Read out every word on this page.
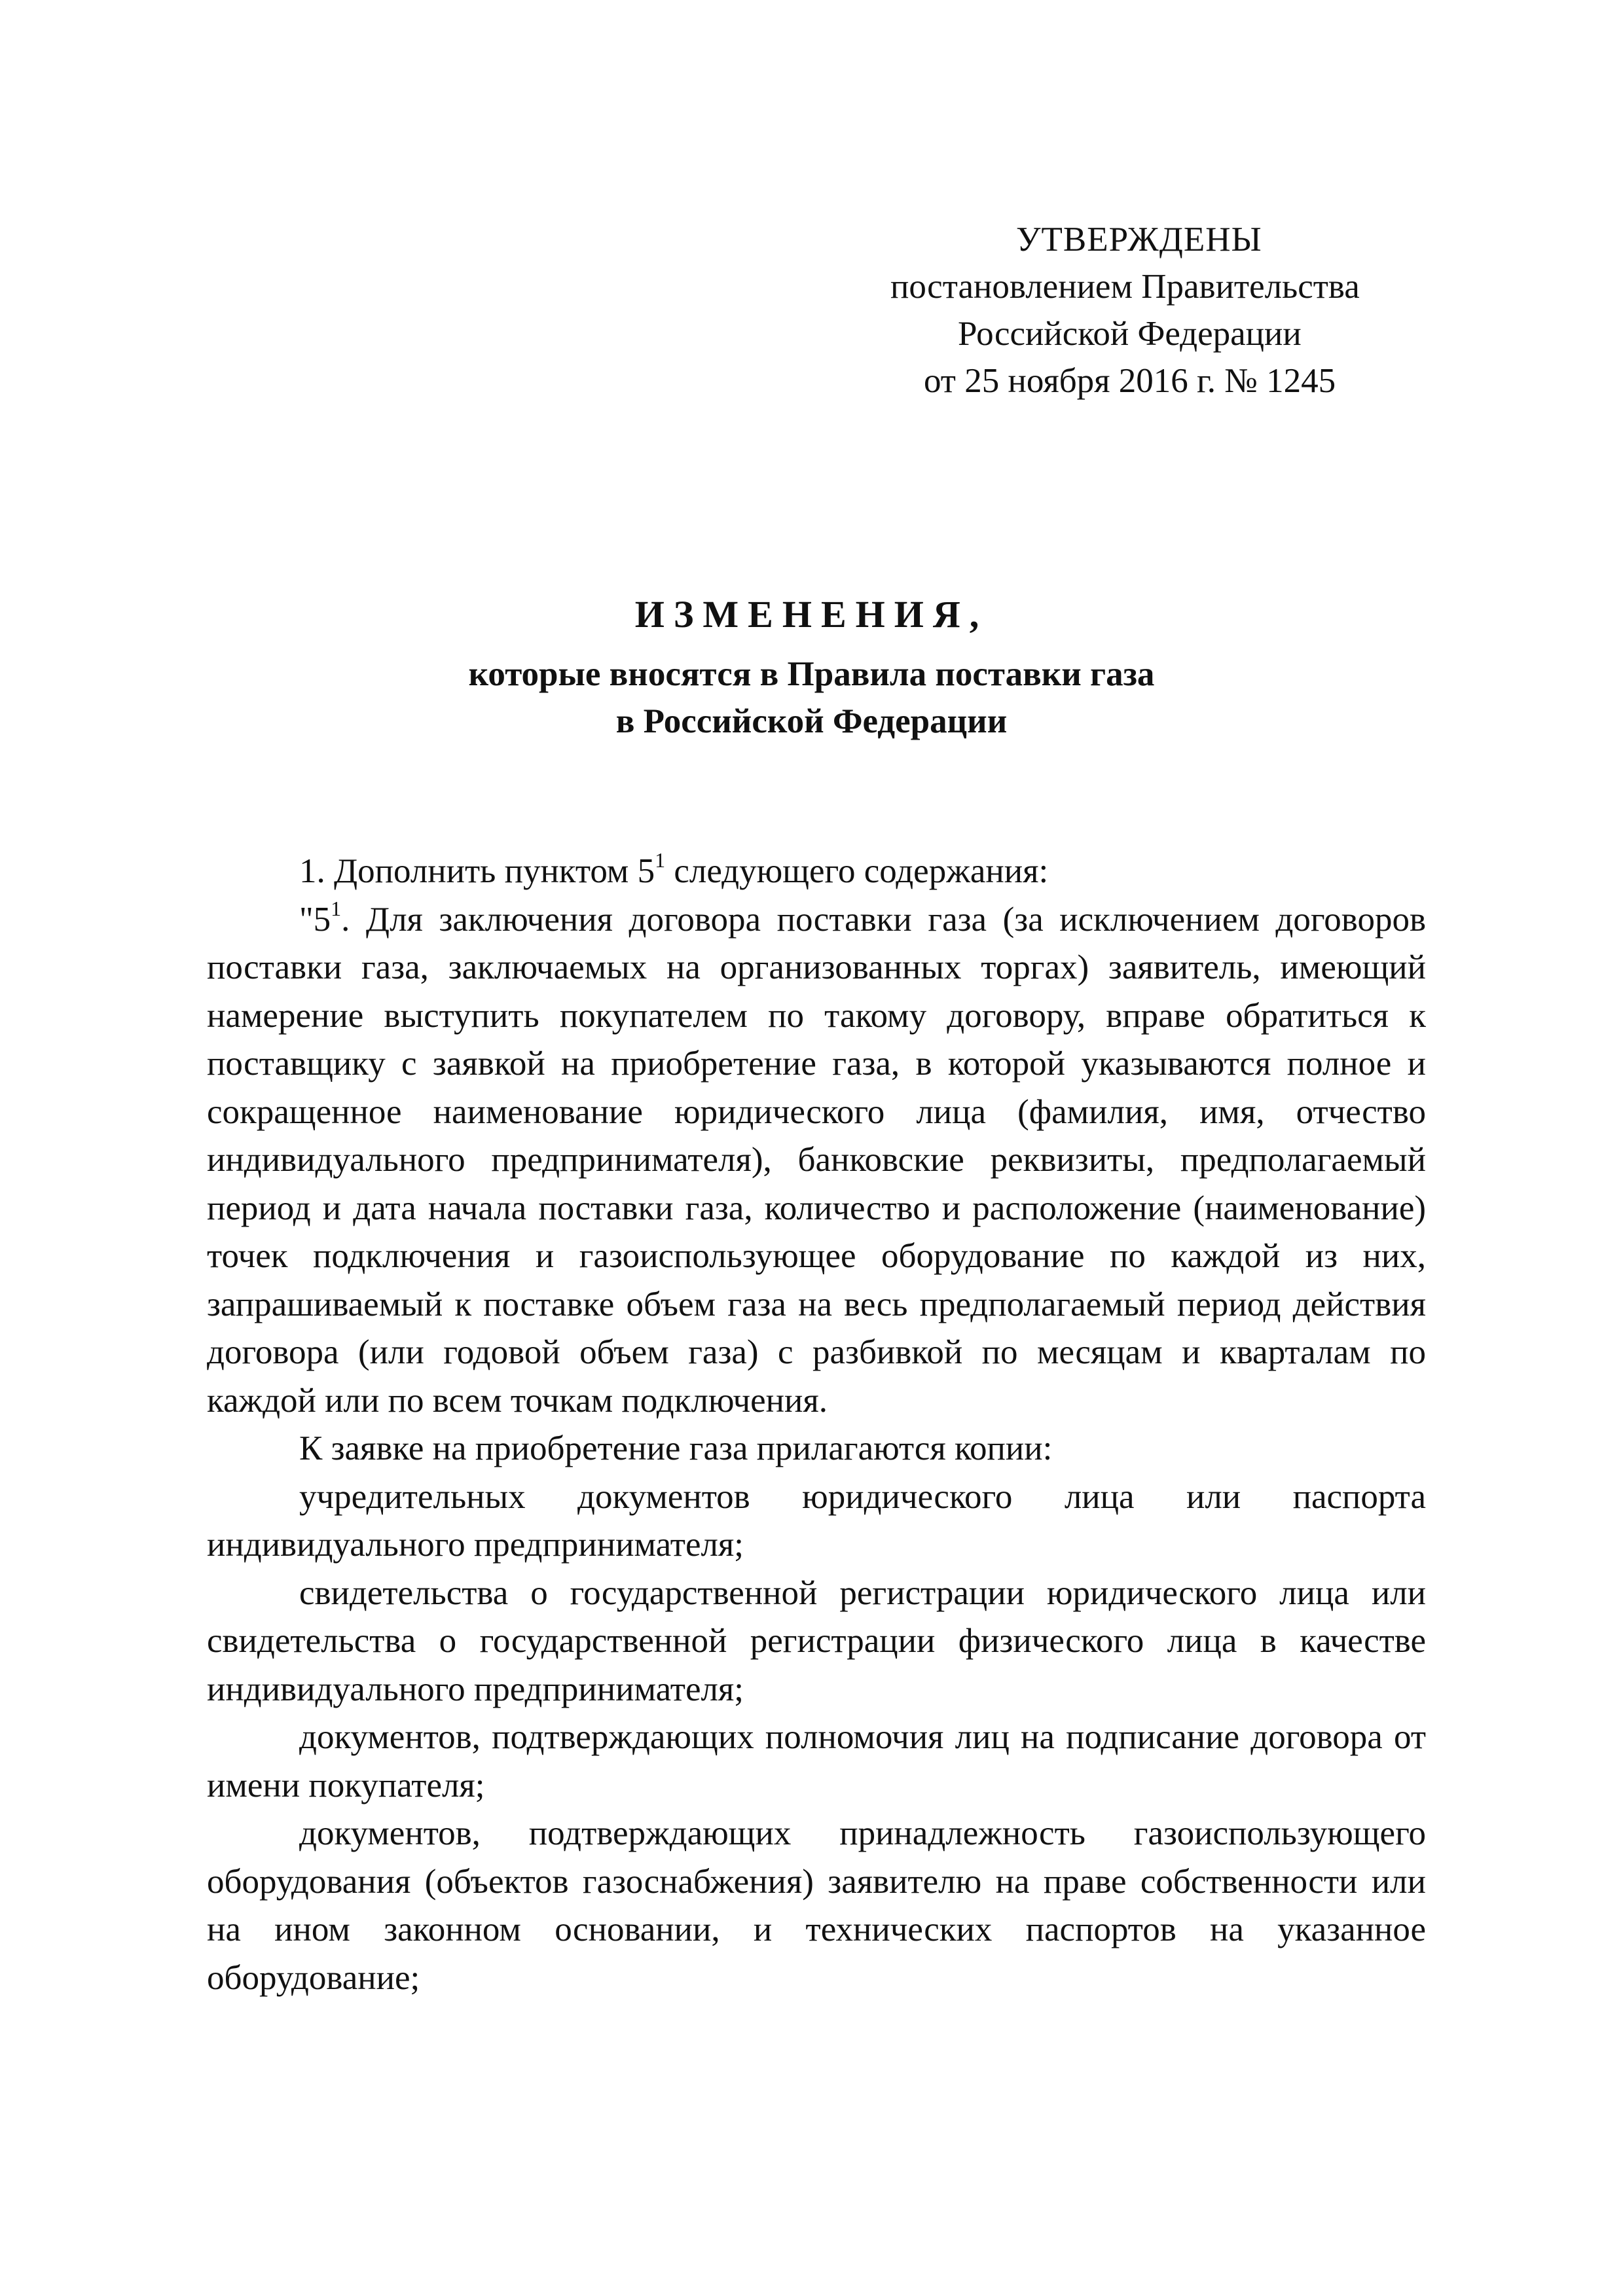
УТВЕРЖДЕНЫ
постановлением Правительства
Российской Федерации
от 25 ноября 2016 г. № 1245
ИЗМЕНЕНИЯ,
которые вносятся в Правила поставки газа
в Российской Федерации

1. Дополнить пунктом $5^1$ следующего содержания:

"$5^1$. Для заключения договора поставки газа (за исключением договоров поставки газа, заключаемых на организованных торгах) заявитель, имеющий намерение выступить покупателем по такому договору, вправе обратиться к поставщику с заявкой на приобретение газа, в которой указываются полное и сокращенное наименование юридического лица (фамилия, имя, отчество индивидуального предпринимателя), банковские реквизиты, предполагаемый период и дата начала поставки газа, количество и расположение (наименование) точек подключения и газоиспользующее оборудование по каждой из них, запрашиваемый к поставке объем газа на весь предполагаемый период действия договора (или годовой объем газа) с разбивкой по месяцам и кварталам по каждой или по всем точкам подключения.

К заявке на приобретение газа прилагаются копии:

учредительных документов юридического лица или паспорта индивидуального предпринимателя;

свидетельства о государственной регистрации юридического лица или свидетельства о государственной регистрации физического лица в качестве индивидуального предпринимателя;

документов, подтверждающих полномочия лиц на подписание договора от имени покупателя;

документов, подтверждающих принадлежность газоиспользующего оборудования (объектов газоснабжения) заявителю на праве собственности или на ином законном основании, и технических паспортов на указанное оборудование;
